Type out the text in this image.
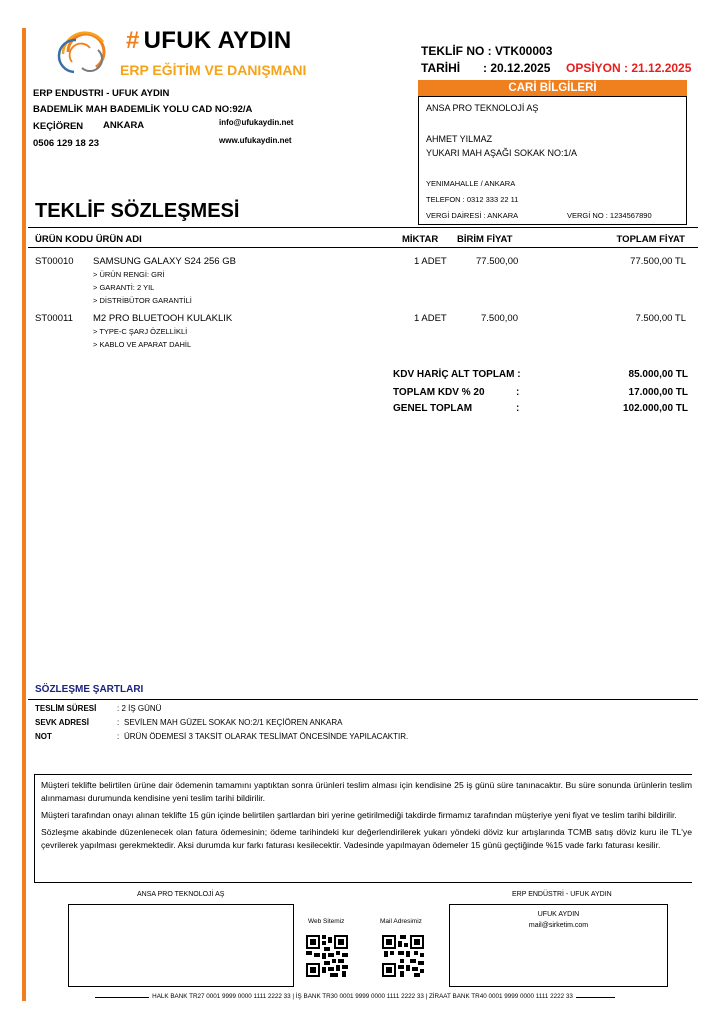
# UFUK AYDIN
ERP EĞİTİM VE DANIŞMANI
ERP ENDUSTRI - UFUK AYDIN
BADEMLİK MAH BADEMLİK YOLU CAD NO:92/A
KEÇİÖREN ANKARA
0506 129 18 23
info@ufukaydin.net
www.ufukaydin.net
TEKLİF NO : VTK00003
TARİHİ : 20.12.2025 OPSİYON : 21.12.2025
CARİ BİLGİLERİ
ANSA PRO TEKNOLOJİ AŞ
AHMET YILMAZ
YUKARI MAH AŞAĞI SOKAK NO:1/A
YENIMAHALLE / ANKARA
TELEFON : 0312 333 22 11
VERGİ DAİRESİ : ANKARA	VERGİ NO : 1234567890
TEKLİF SÖZLEŞMESİ
ÜRÜN KODU ÜRÜN ADI	MİKTAR BİRİM FİYAT	TOPLAM FİYAT
ST00010 SAMSUNG GALAXY S24 256 GB	1 ADET	77.500,00	77.500,00 TL
> ÜRÜN RENGİ: GRİ
> GARANTİ: 2 YIL
> DİSTRİBÜTOR GARANTİLİ
ST00011 M2 PRO BLUETOOH KULAKLIK	1 ADET	7.500,00	7.500,00 TL
> TYPE-C ŞARJ ÖZELLİKLİ
> KABLO VE APARAT DAHİL
KDV HARİÇ ALT TOPLAM :	85.000,00 TL
TOPLAM KDV % 20	:	17.000,00 TL
GENEL TOPLAM	:	102.000,00 TL
SÖZLEŞME ŞARTLARI
TESLİM SÜRESİ	: 2 İŞ GÜNÜ
SEVK ADRESİ	: SEVİLEN MAH GÜZEL SOKAK NO:2/1 KEÇİÖREN ANKARA
NOT	: ÜRÜN ÖDEMESİ 3 TAKSİT OLARAK TESLİMAT ÖNCESİNDE YAPILACAKTIR.
Müşteri teklifte belirtilen ürüne dair ödemenin tamamını yaptıktan sonra ürünleri teslim alması için kendisine 25 iş günü süre tanınacaktır. Bu süre sonunda ürünlerin teslim alınmaması durumunda kendisine yeni teslim tarihi bildirilir.
Müşteri tarafından onayı alınan teklifte 15 gün içinde belirtilen şartlardan biri yerine getirilmediği takdirde firmamız tarafından müşteriye yeni fiyat ve teslim tarihi bildirilir.
Sözleşme akabinde düzenlenecek olan fatura ödemesinin; ödeme tarihindeki kur değerlendirilerek yukarı yöndeki döviz kur artışlarında TCMB satış döviz kuru ile TL'ye çevrilerek yapılması gerekmektedir. Aksi durumda kur farkı faturası kesilecektir. Vadesinde yapılmayan ödemeler 15 günü geçtiğinde %15 vade farkı faturası kesilir.
ANSA PRO TEKNOLOJİ AŞ	ERP ENDÜSTRİ - UFUK AYDIN
UFUK AYDIN
mail@sirketim.com
Web Sitemiz	Mail Adresimiz
HALK BANK TR27 0001 9999 0000 1111 2222 33 | İŞ BANK TR30 0001 9999 0000 1111 2222 33 | ZİRAAT BANK TR40 0001 9999 0000 1111 2222 33
